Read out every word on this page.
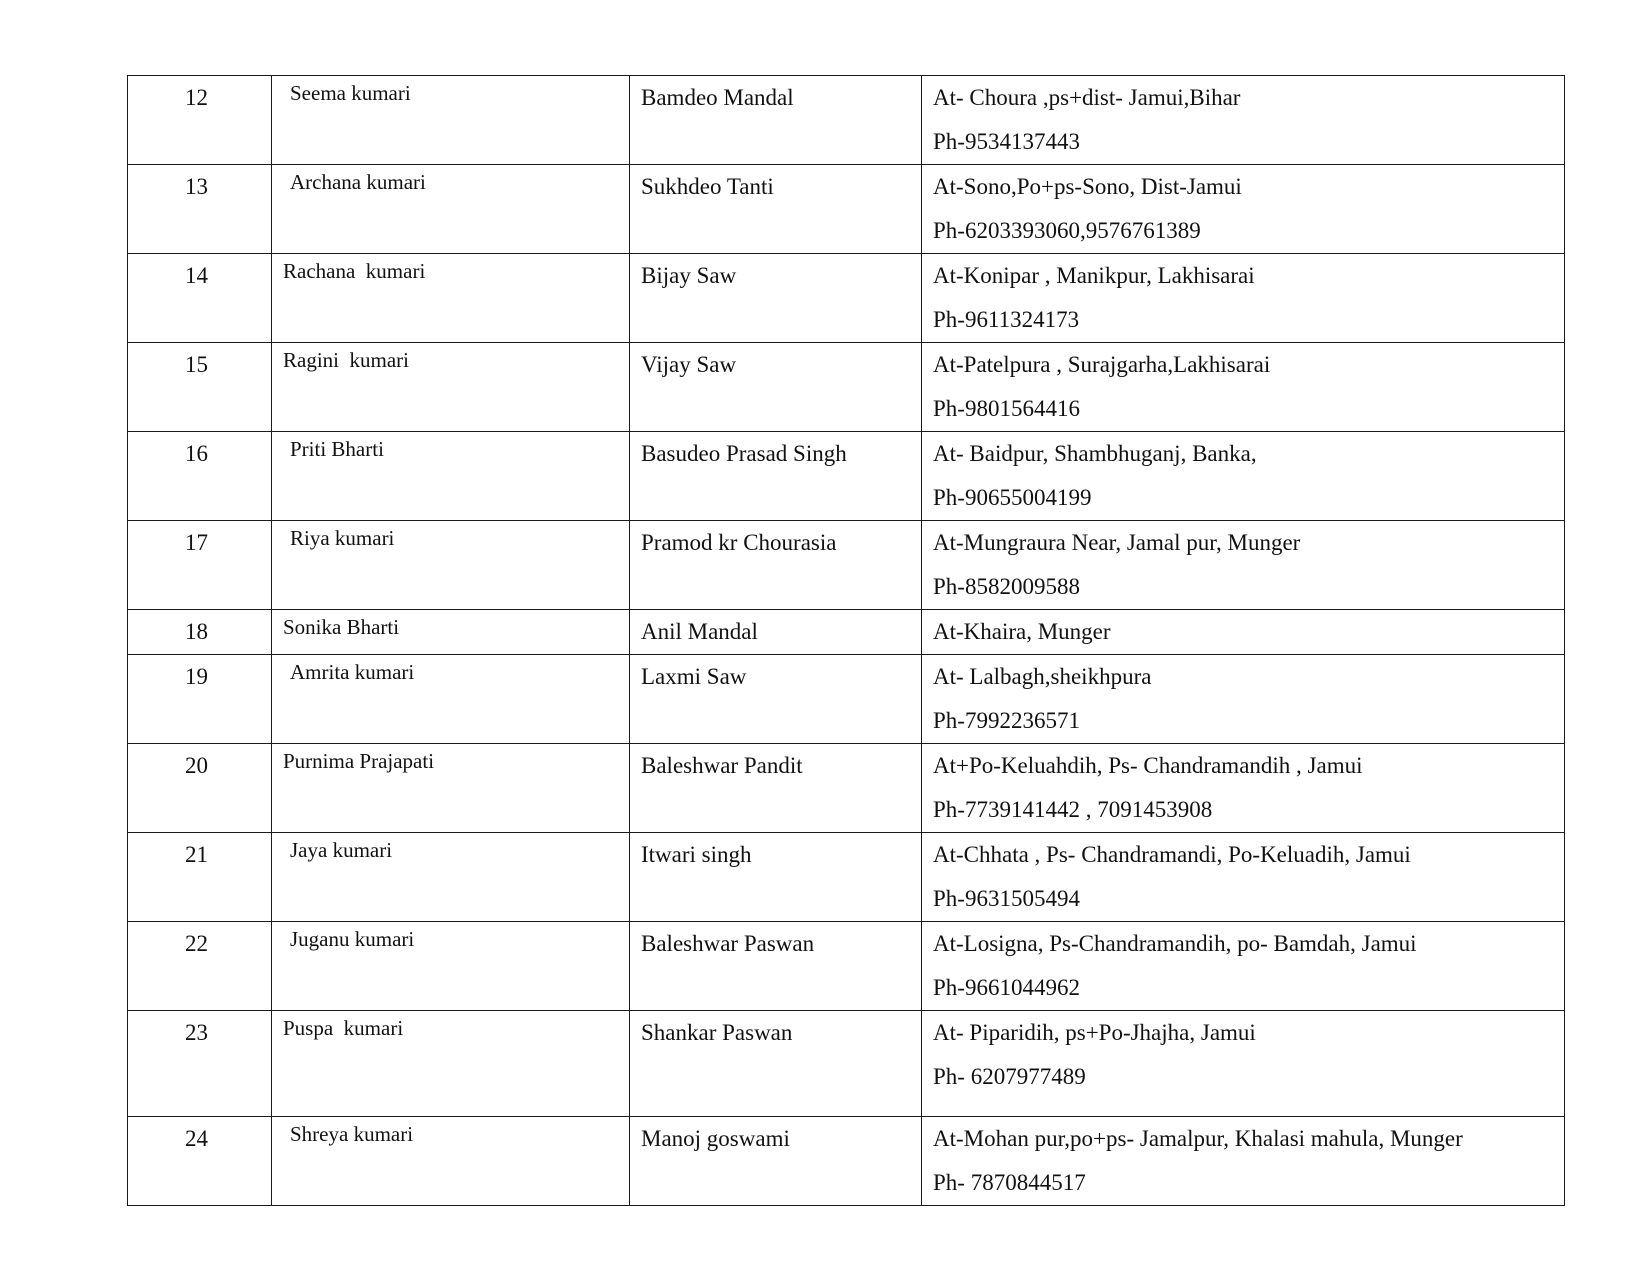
12	Seema kumari	Bamdeo Mandal	At- Choura ,ps+dist- Jamui,Bihar
Ph-9534137443

13	Archana kumari	Sukhdeo Tanti	At-Sono,Po+ps-Sono, Dist-Jamui
Ph-6203393060,9576761389

14	Rachana  kumari	Bijay Saw	At-Konipar , Manikpur, Lakhisarai
Ph-9611324173

15	Ragini  kumari	Vijay Saw	At-Patelpura , Surajgarha,Lakhisarai
Ph-9801564416

16	Priti Bharti	Basudeo Prasad Singh	At- Baidpur, Shambhuganj, Banka,
Ph-90655004199

17	Riya kumari	Pramod kr Chourasia	At-Mungraura Near, Jamal pur, Munger
Ph-8582009588

18	Sonika Bharti	Anil Mandal	At-Khaira, Munger

19	Amrita kumari	Laxmi Saw	At- Lalbagh,sheikhpura
Ph-7992236571

20	Purnima Prajapati	Baleshwar Pandit	At+Po-Keluahdih, Ps- Chandramandih , Jamui
Ph-7739141442 , 7091453908

21	Jaya kumari	Itwari singh	At-Chhata , Ps- Chandramandi, Po-Keluadih, Jamui
Ph-9631505494

22	Juganu kumari	Baleshwar Paswan	At-Losigna, Ps-Chandramandih, po- Bamdah, Jamui
Ph-9661044962

23	Puspa  kumari	Shankar Paswan	At- Piparidih, ps+Po-Jhajha, Jamui
Ph- 6207977489

24	Shreya kumari	Manoj goswami	At-Mohan pur,po+ps- Jamalpur, Khalasi mahula, Munger
Ph- 7870844517
